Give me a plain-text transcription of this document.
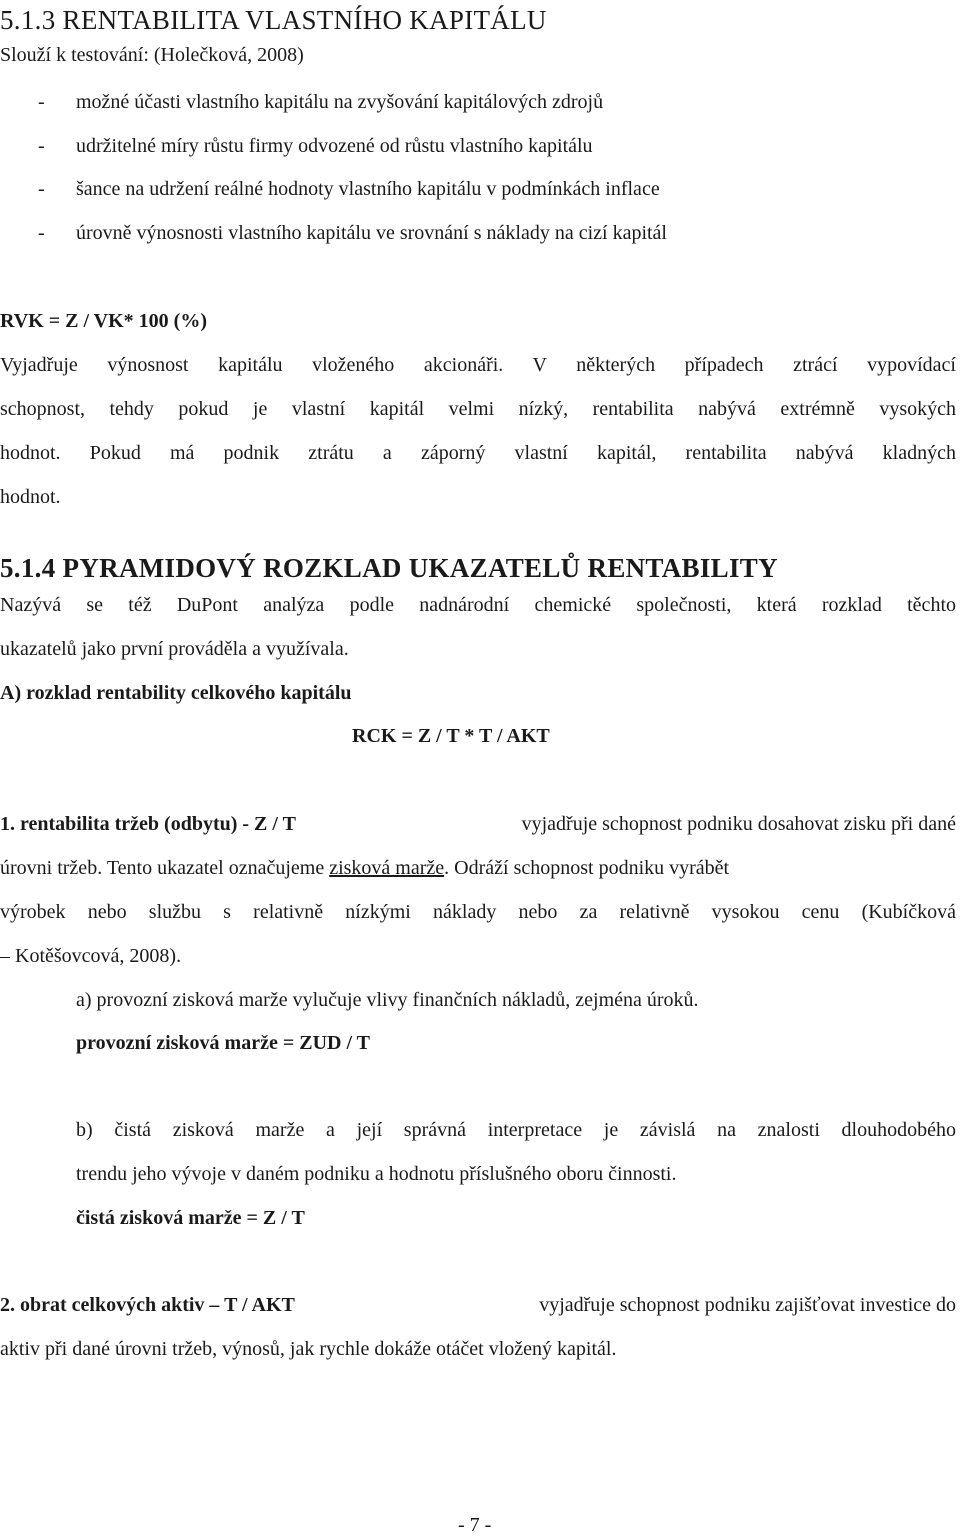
5.1.3 RENTABILITA VLASTNÍHO KAPITÁLU
Slouží k testování: (Holečková, 2008)
- možné účasti vlastního kapitálu na zvyšování kapitálových zdrojů
- udržitelné míry růstu firmy odvozené od růstu vlastního kapitálu
- šance na udržení reálné hodnoty vlastního kapitálu v podmínkách inflace
- úrovně výnosnosti vlastního kapitálu ve srovnání s náklady na cizí kapitál
RVK = Z / VK* 100 (%)
Vyjadřuje výnosnost kapitálu vloženého akcionáři. V některých případech ztrácí vypovídací
schopnost, tehdy pokud je vlastní kapitál velmi nízký, rentabilita nabývá extrémně vysokých
hodnot. Pokud má podnik ztrátu a záporný vlastní kapitál, rentabilita nabývá kladných
hodnot.
5.1.4 PYRAMIDOVÝ ROZKLAD UKAZATELŮ RENTABILITY
Nazývá se též DuPont analýza podle nadnárodní chemické společnosti, která rozklad těchto
ukazatelů jako první prováděla a využívala.
A) rozklad rentability celkového kapitálu
RCK = Z / T * T / AKT
1. rentabilita tržeb (odbytu) - Z / T	vyjadřuje schopnost podniku dosahovat zisku při dané
úrovni tržeb. Tento ukazatel označujeme zisková marže. Odráží schopnost podniku vyrábět
výrobek nebo službu s relativně nízkými náklady nebo za relativně vysokou cenu (Kubíčková
– Kotěšovcová, 2008).
a) provozní zisková marže vylučuje vlivy finančních nákladů, zejména úroků.
provozní zisková marže = ZUD / T
b) čistá zisková marže a její správná interpretace je závislá na znalosti dlouhodobého
trendu jeho vývoje v daném podniku a hodnotu příslušného oboru činnosti.
čistá zisková marže = Z / T
2. obrat celkových aktiv – T / AKT	vyjadřuje schopnost podniku zajišťovat investice do
aktiv při dané úrovni tržeb, výnosů, jak rychle dokáže otáčet vložený kapitál.
- 7 -
